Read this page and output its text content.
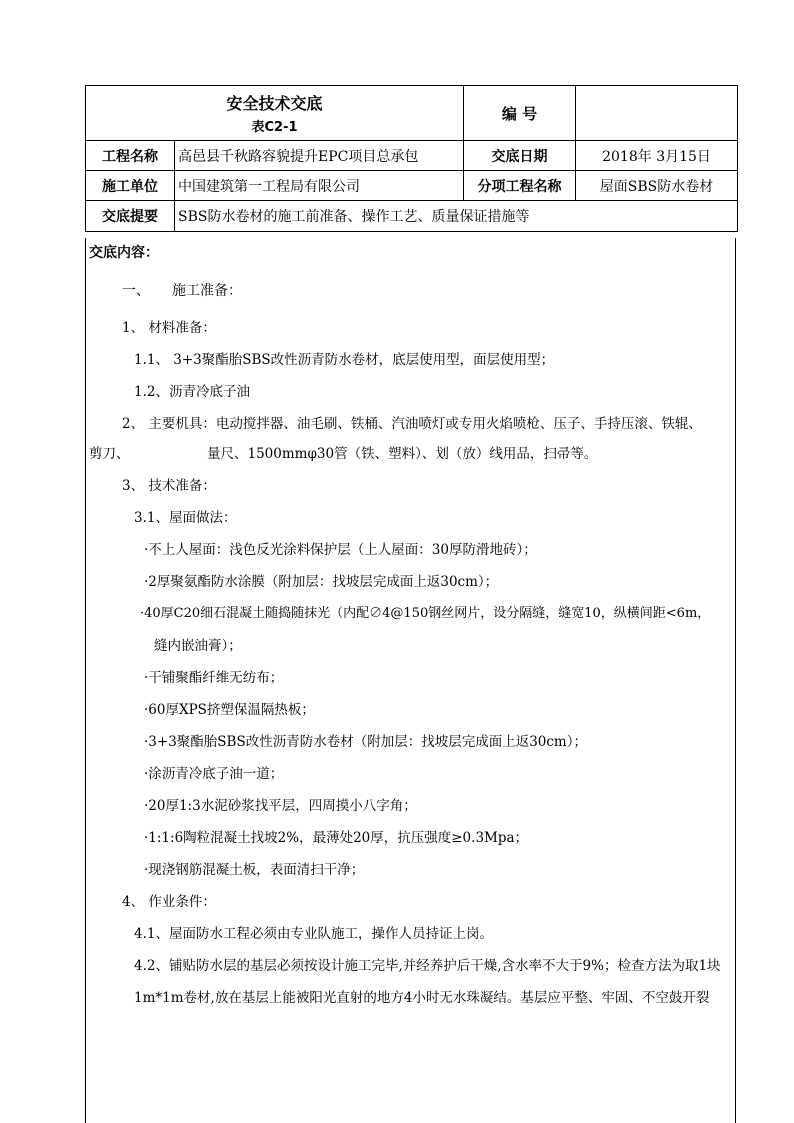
安全技术交底
表C2-1		编 号	
工程名称	高邑县千秋路容貌提升EPC项目总承包	交底日期	2018年 3月15日
施工单位	中国建筑第一工程局有限公司	分项工程名称	屋面SBS防水卷材
交底提要	SBS防水卷材的施工前准备、操作工艺、质量保证措施等		
交底内容：
一、 施工准备：
1、 材料准备：
1.1、 3+3聚酯胎SBS改性沥青防水卷材，底层使用型，面层使用型；
1.2、沥青冷底子油
2、 主要机具：电动搅拌器、油毛刷、铁桶、汽油喷灯或专用火焰喷枪、压子、手持压滚、铁辊、
剪刀、	量尺、1500mmφ30管（铁、塑料）、划（放）线用品，扫帚等。
3、 技术准备：
3.1、屋面做法：
·不上人屋面：浅色反光涂料保护层（上人屋面：30厚防滑地砖）；
·2厚聚氨酯防水涂膜（附加层：找坡层完成面上返30cm）；
·40厚C20细石混凝土随捣随抹光（内配∅4@150钢丝网片，设分隔缝，缝宽10，纵横间距<6m，
缝内嵌油膏）；
·干铺聚酯纤维无纺布；
·60厚XPS挤塑保温隔热板；
·3+3聚酯胎SBS改性沥青防水卷材（附加层：找坡层完成面上返30cm）；
·涂沥青冷底子油一道；
·20厚1:3水泥砂浆找平层，四周摸小八字角；
·1:1:6陶粒混凝土找坡2%，最薄处20厚，抗压强度≥0.3Mpa；
·现浇钢筋混凝土板，表面清扫干净；
4、 作业条件：
4.1、屋面防水工程必须由专业队施工，操作人员持证上岗。
4.2、铺贴防水层的基层必须按设计施工完毕,并经养护后干燥,含水率不大于9%；检查方法为取1块
1m*1m卷材,放在基层上能被阳光直射的地方4小时无水珠凝结。基层应平整、牢固、不空鼓开裂
